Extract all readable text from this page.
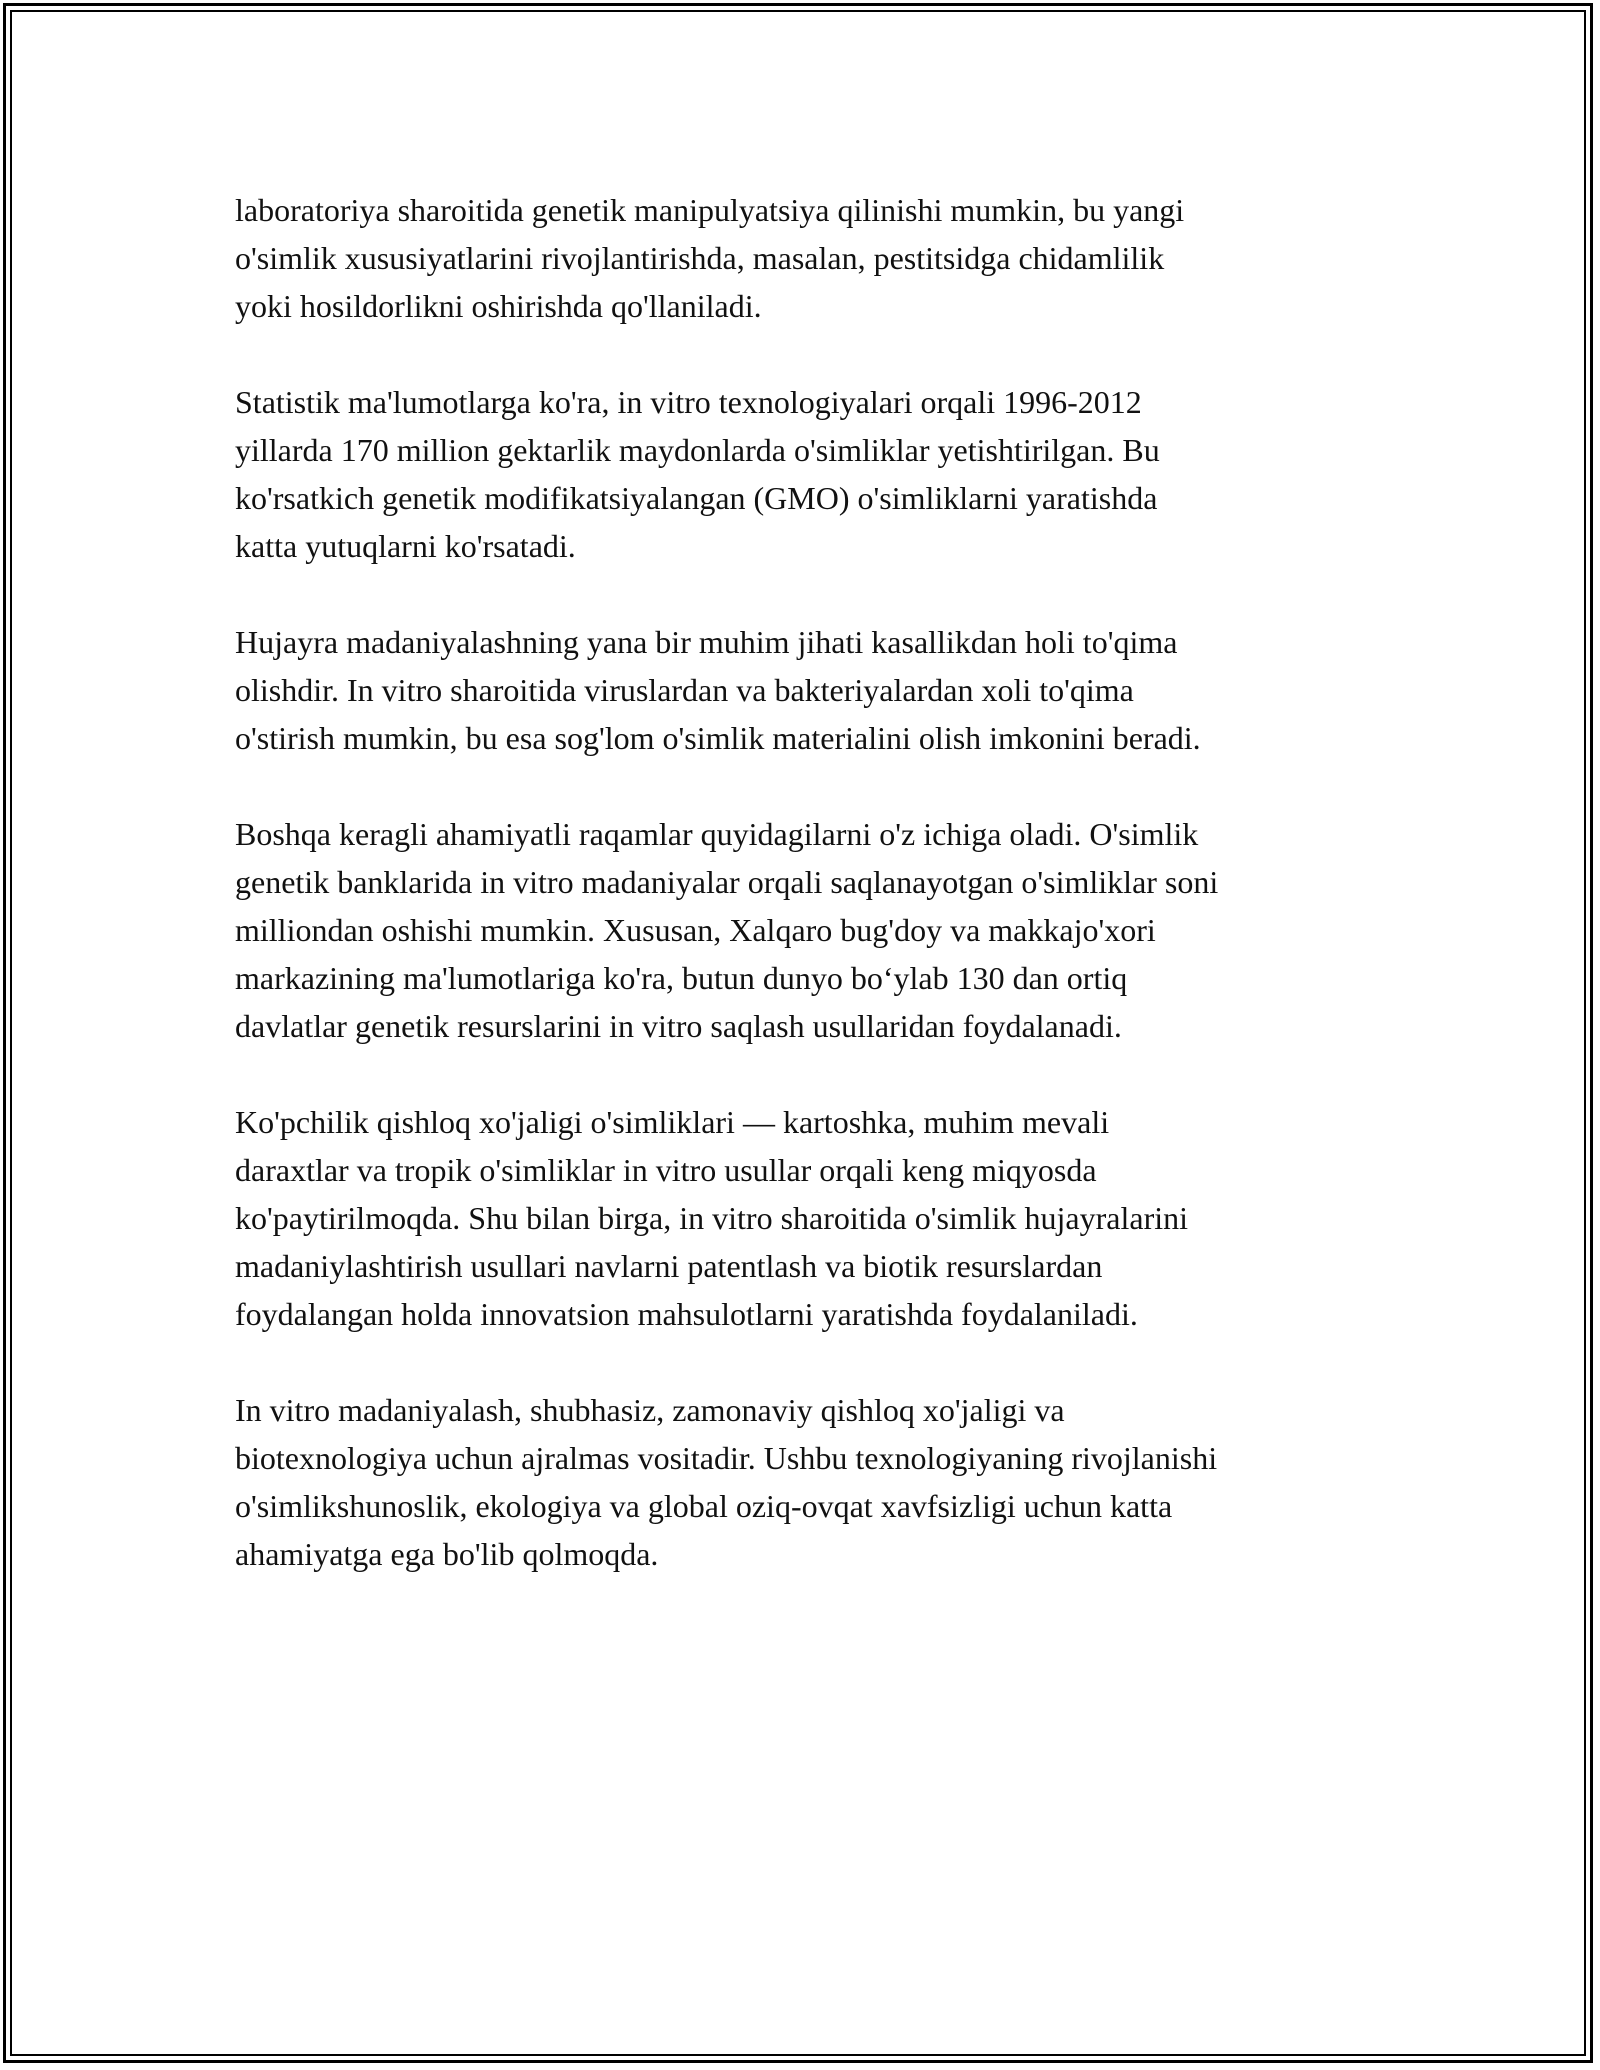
laboratoriya sharoitida genetik manipulyatsiya qilinishi mumkin, bu yangi
o'simlik xususiyatlarini rivojlantirishda, masalan, pestitsidga chidamlilik
yoki hosildorlikni oshirishda qo'llaniladi.

Statistik ma'lumotlarga ko'ra, in vitro texnologiyalari orqali 1996-2012
yillarda 170 million gektarlik maydonlarda o'simliklar yetishtirilgan. Bu
ko'rsatkich genetik modifikatsiyalangan (GMO) o'simliklarni yaratishda
katta yutuqlarni ko'rsatadi.

Hujayra madaniyalashning yana bir muhim jihati kasallikdan holi to'qima
olishdir. In vitro sharoitida viruslardan va bakteriyalardan xoli to'qima
o'stirish mumkin, bu esa sog'lom o'simlik materialini olish imkonini beradi.

Boshqa keragli ahamiyatli raqamlar quyidagilarni o'z ichiga oladi. O'simlik
genetik banklarida in vitro madaniyalar orqali saqlanayotgan o'simliklar soni
milliondan oshishi mumkin. Xususan, Xalqaro bug'doy va makkajo'xori
markazining ma'lumotlariga ko'ra, butun dunyo bo‘ylab 130 dan ortiq
davlatlar genetik resurslarini in vitro saqlash usullaridan foydalanadi.

Ko'pchilik qishloq xo'jaligi o'simliklari — kartoshka, muhim mevali
daraxtlar va tropik o'simliklar in vitro usullar orqali keng miqyosda
ko'paytirilmoqda. Shu bilan birga, in vitro sharoitida o'simlik hujayralarini
madaniylashtirish usullari navlarni patentlash va biotik resurslardan
foydalangan holda innovatsion mahsulotlarni yaratishda foydalaniladi.

In vitro madaniyalash, shubhasiz, zamonaviy qishloq xo'jaligi va
biotexnologiya uchun ajralmas vositadir. Ushbu texnologiyaning rivojlanishi
o'simlikshunoslik, ekologiya va global oziq-ovqat xavfsizligi uchun katta
ahamiyatga ega bo'lib qolmoqda.
